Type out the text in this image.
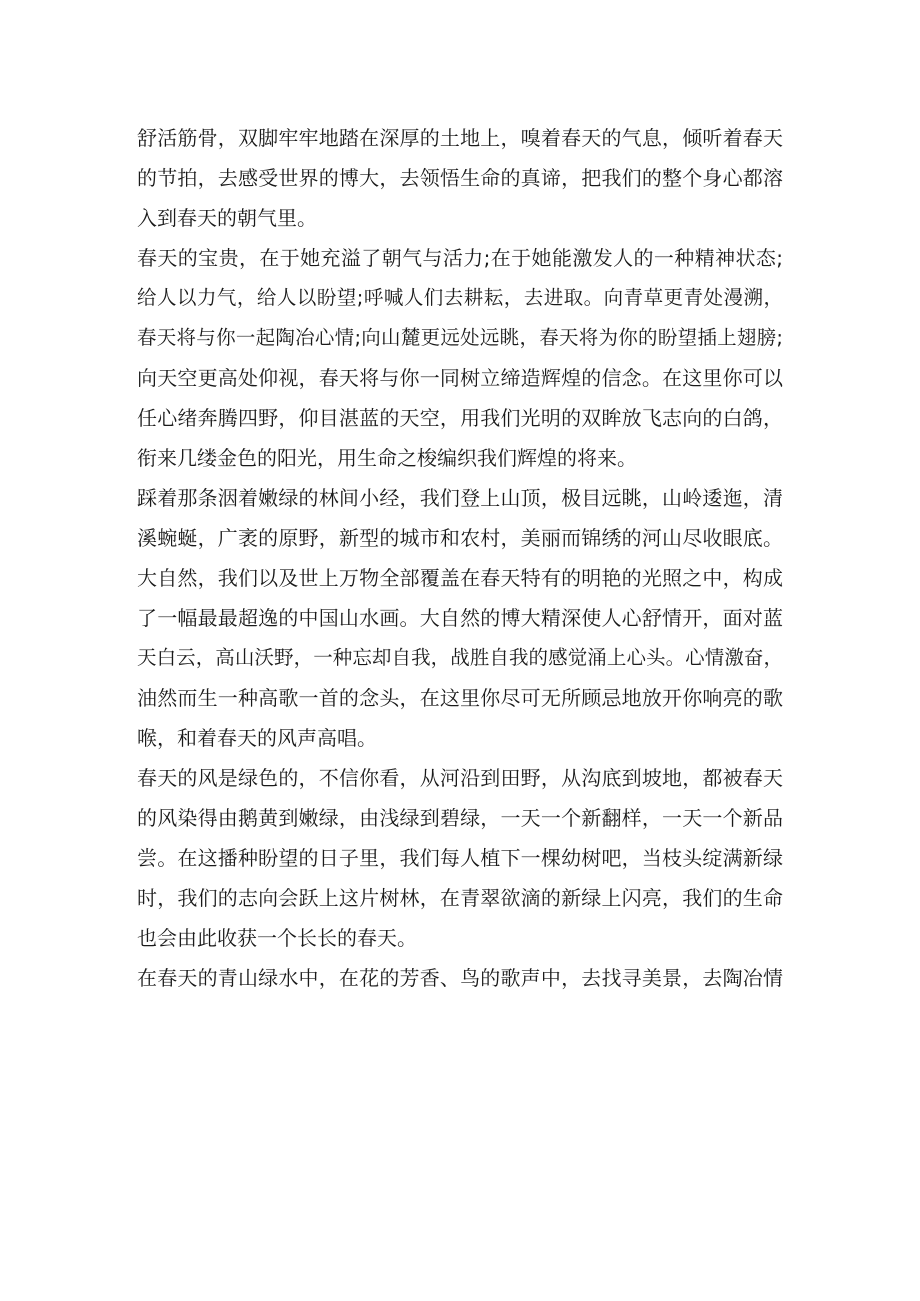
舒活筋骨，双脚牢牢地踏在深厚的土地上，嗅着春天的气息，倾听着春天
的节拍，去感受世界的博大，去领悟生命的真谛，把我们的整个身心都溶
入到春天的朝气里。
春天的宝贵，在于她充溢了朝气与活力;在于她能激发人的一种精神状态;
给人以力气，给人以盼望;呼喊人们去耕耘，去进取。向青草更青处漫溯，
春天将与你一起陶冶心情;向山麓更远处远眺，春天将为你的盼望插上翅膀;
向天空更高处仰视，春天将与你一同树立缔造辉煌的信念。在这里你可以
任心绪奔腾四野，仰目湛蓝的天空，用我们光明的双眸放飞志向的白鸽，
衔来几缕金色的阳光，用生命之梭编织我们辉煌的将来。
踩着那条洇着嫩绿的林间小经，我们登上山顶，极目远眺，山岭逶迤，清
溪蜿蜒，广袤的原野，新型的城市和农村，美丽而锦绣的河山尽收眼底。
大自然，我们以及世上万物全部覆盖在春天特有的明艳的光照之中，构成
了一幅最最超逸的中国山水画。大自然的博大精深使人心舒情开，面对蓝
天白云，高山沃野，一种忘却自我，战胜自我的感觉涌上心头。心情激奋，
油然而生一种高歌一首的念头，在这里你尽可无所顾忌地放开你响亮的歌
喉，和着春天的风声高唱。
春天的风是绿色的，不信你看，从河沿到田野，从沟底到坡地，都被春天
的风染得由鹅黄到嫩绿，由浅绿到碧绿，一天一个新翻样，一天一个新品
尝。在这播种盼望的日子里，我们每人植下一棵幼树吧，当枝头绽满新绿
时，我们的志向会跃上这片树林，在青翠欲滴的新绿上闪亮，我们的生命
也会由此收获一个长长的春天。
在春天的青山绿水中，在花的芳香、鸟的歌声中，去找寻美景，去陶冶情
